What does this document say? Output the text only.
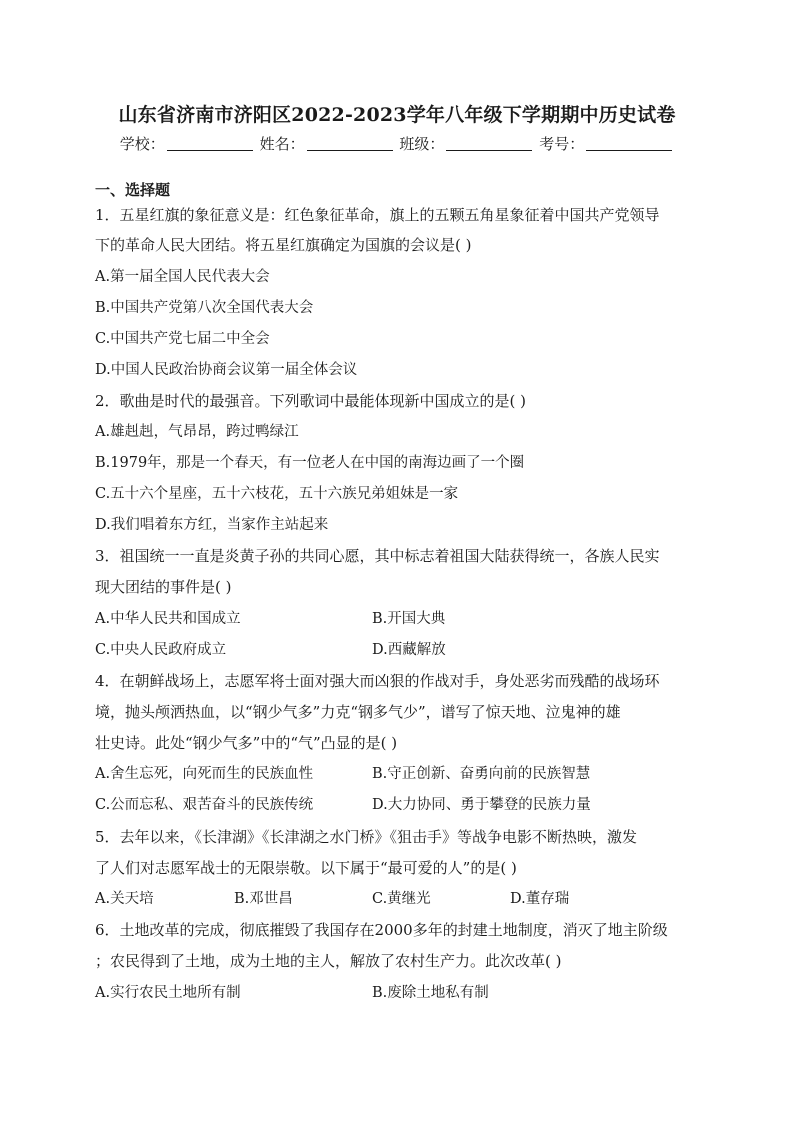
山东省济南市济阳区2022-2023学年八年级下学期期中历史试卷
学校：	姓名：	班级：	考号：
一、选择题
1．五星红旗的象征意义是：红色象征革命，旗上的五颗五角星象征着中国共产党领导
下的革命人民大团结。将五星红旗确定为国旗的会议是( )
A.第一届全国人民代表大会
B.中国共产党第八次全国代表大会
C.中国共产党七届二中全会
D.中国人民政治协商会议第一届全体会议
2．歌曲是时代的最强音。下列歌词中最能体现新中国成立的是( )
A.雄赳赳，气昂昂，跨过鸭绿江
B.1979年，那是一个春天，有一位老人在中国的南海边画了一个圈
C.五十六个星座，五十六枝花，五十六族兄弟姐妹是一家
D.我们唱着东方红，当家作主站起来
3．祖国统一一直是炎黄子孙的共同心愿，其中标志着祖国大陆获得统一，各族人民实
现大团结的事件是( )
A.中华人民共和国成立	B.开国大典
C.中央人民政府成立	D.西藏解放
4．在朝鲜战场上，志愿军将士面对强大而凶狠的作战对手，身处恶劣而残酷的战场环
境，抛头颅洒热血，以“钢少气多”力克“钢多气少”，谱写了惊天地、泣鬼神的雄
壮史诗。此处“钢少气多”中的“气”凸显的是( )
A.舍生忘死，向死而生的民族血性	B.守正创新、奋勇向前的民族智慧
C.公而忘私、艰苦奋斗的民族传统	D.大力协同、勇于攀登的民族力量
5．去年以来，《长津湖》《长津湖之水门桥》《狙击手》等战争电影不断热映，激发
了人们对志愿军战士的无限崇敬。以下属于“最可爱的人”的是( )
A.关天培	B.邓世昌	C.黄继光	D.董存瑞
6．土地改革的完成，彻底摧毁了我国存在2000多年的封建土地制度，消灭了地主阶级
；农民得到了土地，成为土地的主人，解放了农村生产力。此次改革( )
A.实行农民土地所有制	B.废除土地私有制
